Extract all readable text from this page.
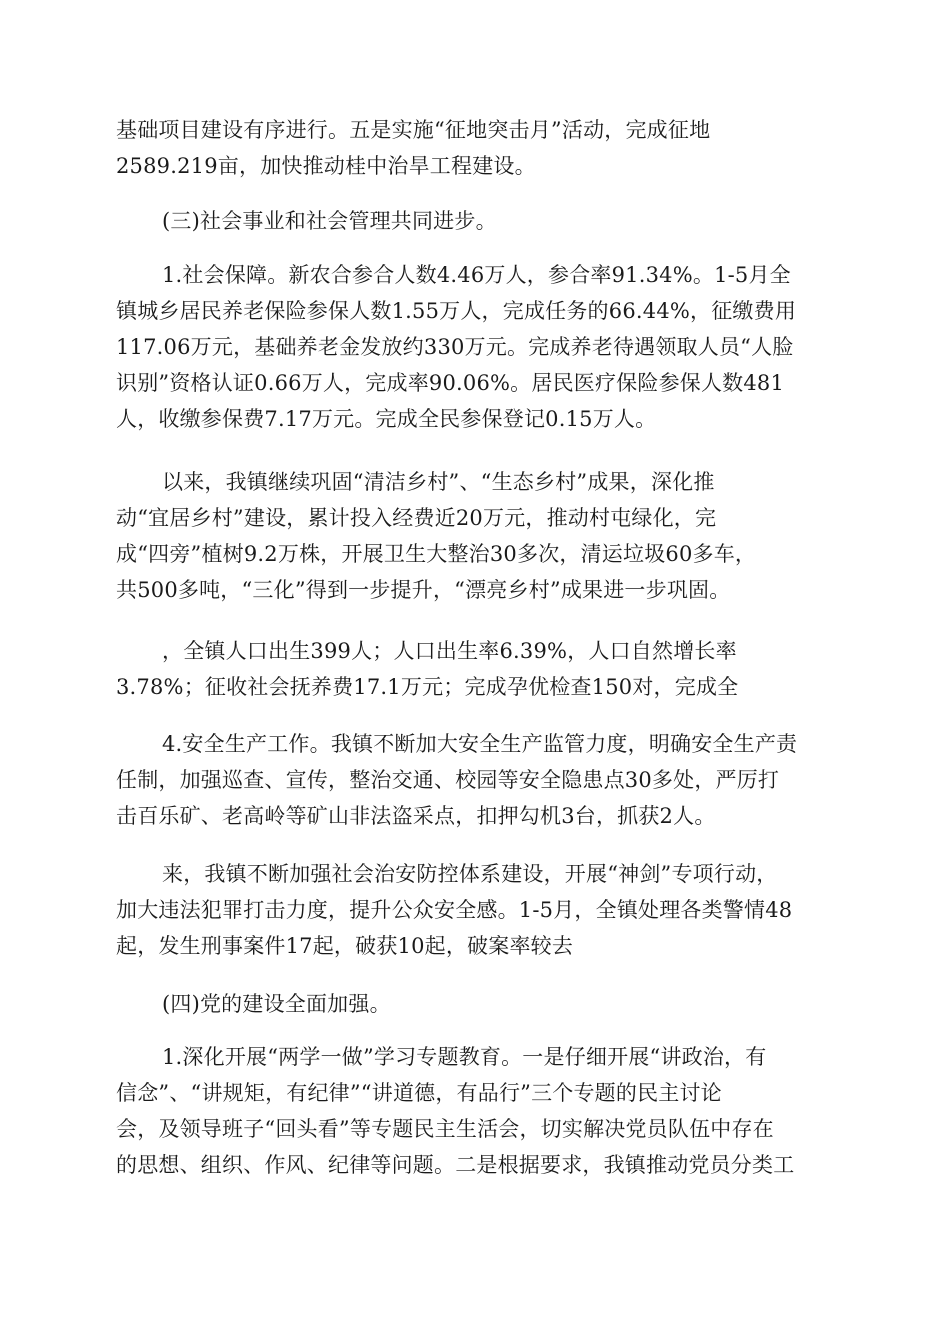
基础项目建设有序进行。五是实施“征地突击月”活动，完成征地
2589.219亩，加快推动桂中治旱工程建设。
(三)社会事业和社会管理共同进步。
1.社会保障。新农合参合人数4.46万人，参合率91.34%。1-5月全
镇城乡居民养老保险参保人数1.55万人，完成任务的66.44%，征缴费用
117.06万元，基础养老金发放约330万元。完成养老待遇领取人员“人脸
识别”资格认证0.66万人，完成率90.06%。居民医疗保险参保人数481
人，收缴参保费7.17万元。完成全民参保登记0.15万人。
以来，我镇继续巩固“清洁乡村”、“生态乡村”成果，深化推
动“宜居乡村”建设，累计投入经费近20万元，推动村屯绿化，完
成“四旁”植树9.2万株，开展卫生大整治30多次，清运垃圾60多车，
共500多吨，“三化”得到一步提升，“漂亮乡村”成果进一步巩固。
，全镇人口出生399人；人口出生率6.39%，人口自然增长率
3.78%；征收社会抚养费17.1万元；完成孕优检查150对，完成全
4.安全生产工作。我镇不断加大安全生产监管力度，明确安全生产责
任制，加强巡查、宣传，整治交通、校园等安全隐患点30多处，严厉打
击百乐矿、老高岭等矿山非法盗采点，扣押勾机3台，抓获2人。
来，我镇不断加强社会治安防控体系建设，开展“神剑”专项行动，
加大违法犯罪打击力度，提升公众安全感。1-5月，全镇处理各类警情48
起，发生刑事案件17起，破获10起，破案率较去
(四)党的建设全面加强。
1.深化开展“两学一做”学习专题教育。一是仔细开展“讲政治，有
信念”、“讲规矩，有纪律”“讲道德，有品行”三个专题的民主讨论
会，及领导班子“回头看”等专题民主生活会，切实解决党员队伍中存在
的思想、组织、作风、纪律等问题。二是根据要求，我镇推动党员分类工
